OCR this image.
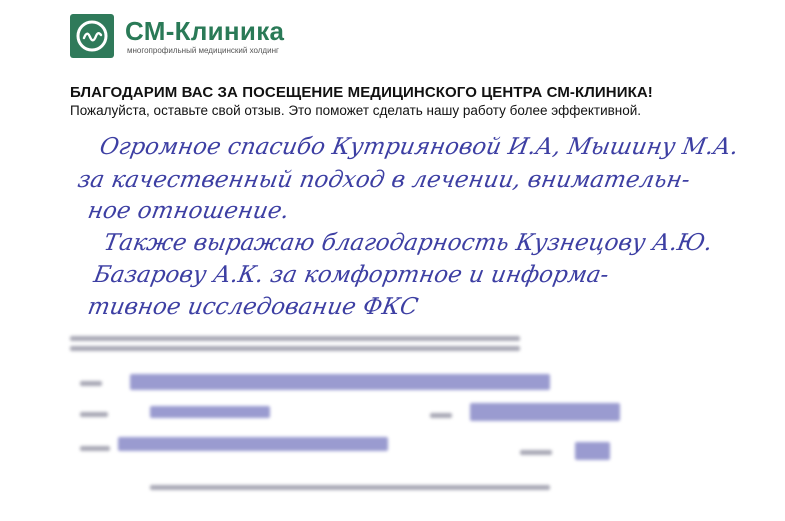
СМ-Клиника
многопрофильный медицинский холдинг
БЛАГОДАРИМ ВАС ЗА ПОСЕЩЕНИЕ МЕДИЦИНСКОГО ЦЕНТРА СМ-КЛИНИКА!
Пожалуйста, оставьте свой отзыв. Это поможет сделать нашу работу более эффективной.
Огромное спасибо Кутрияновой И.А, Мышину М.А.
за качественный подход в лечении, внимательн-
ное отношение.
Также выражаю благодарность Кузнецову А.Ю.
Базарову А.К. за комфортное и информа-
тивное исследование ФКС
